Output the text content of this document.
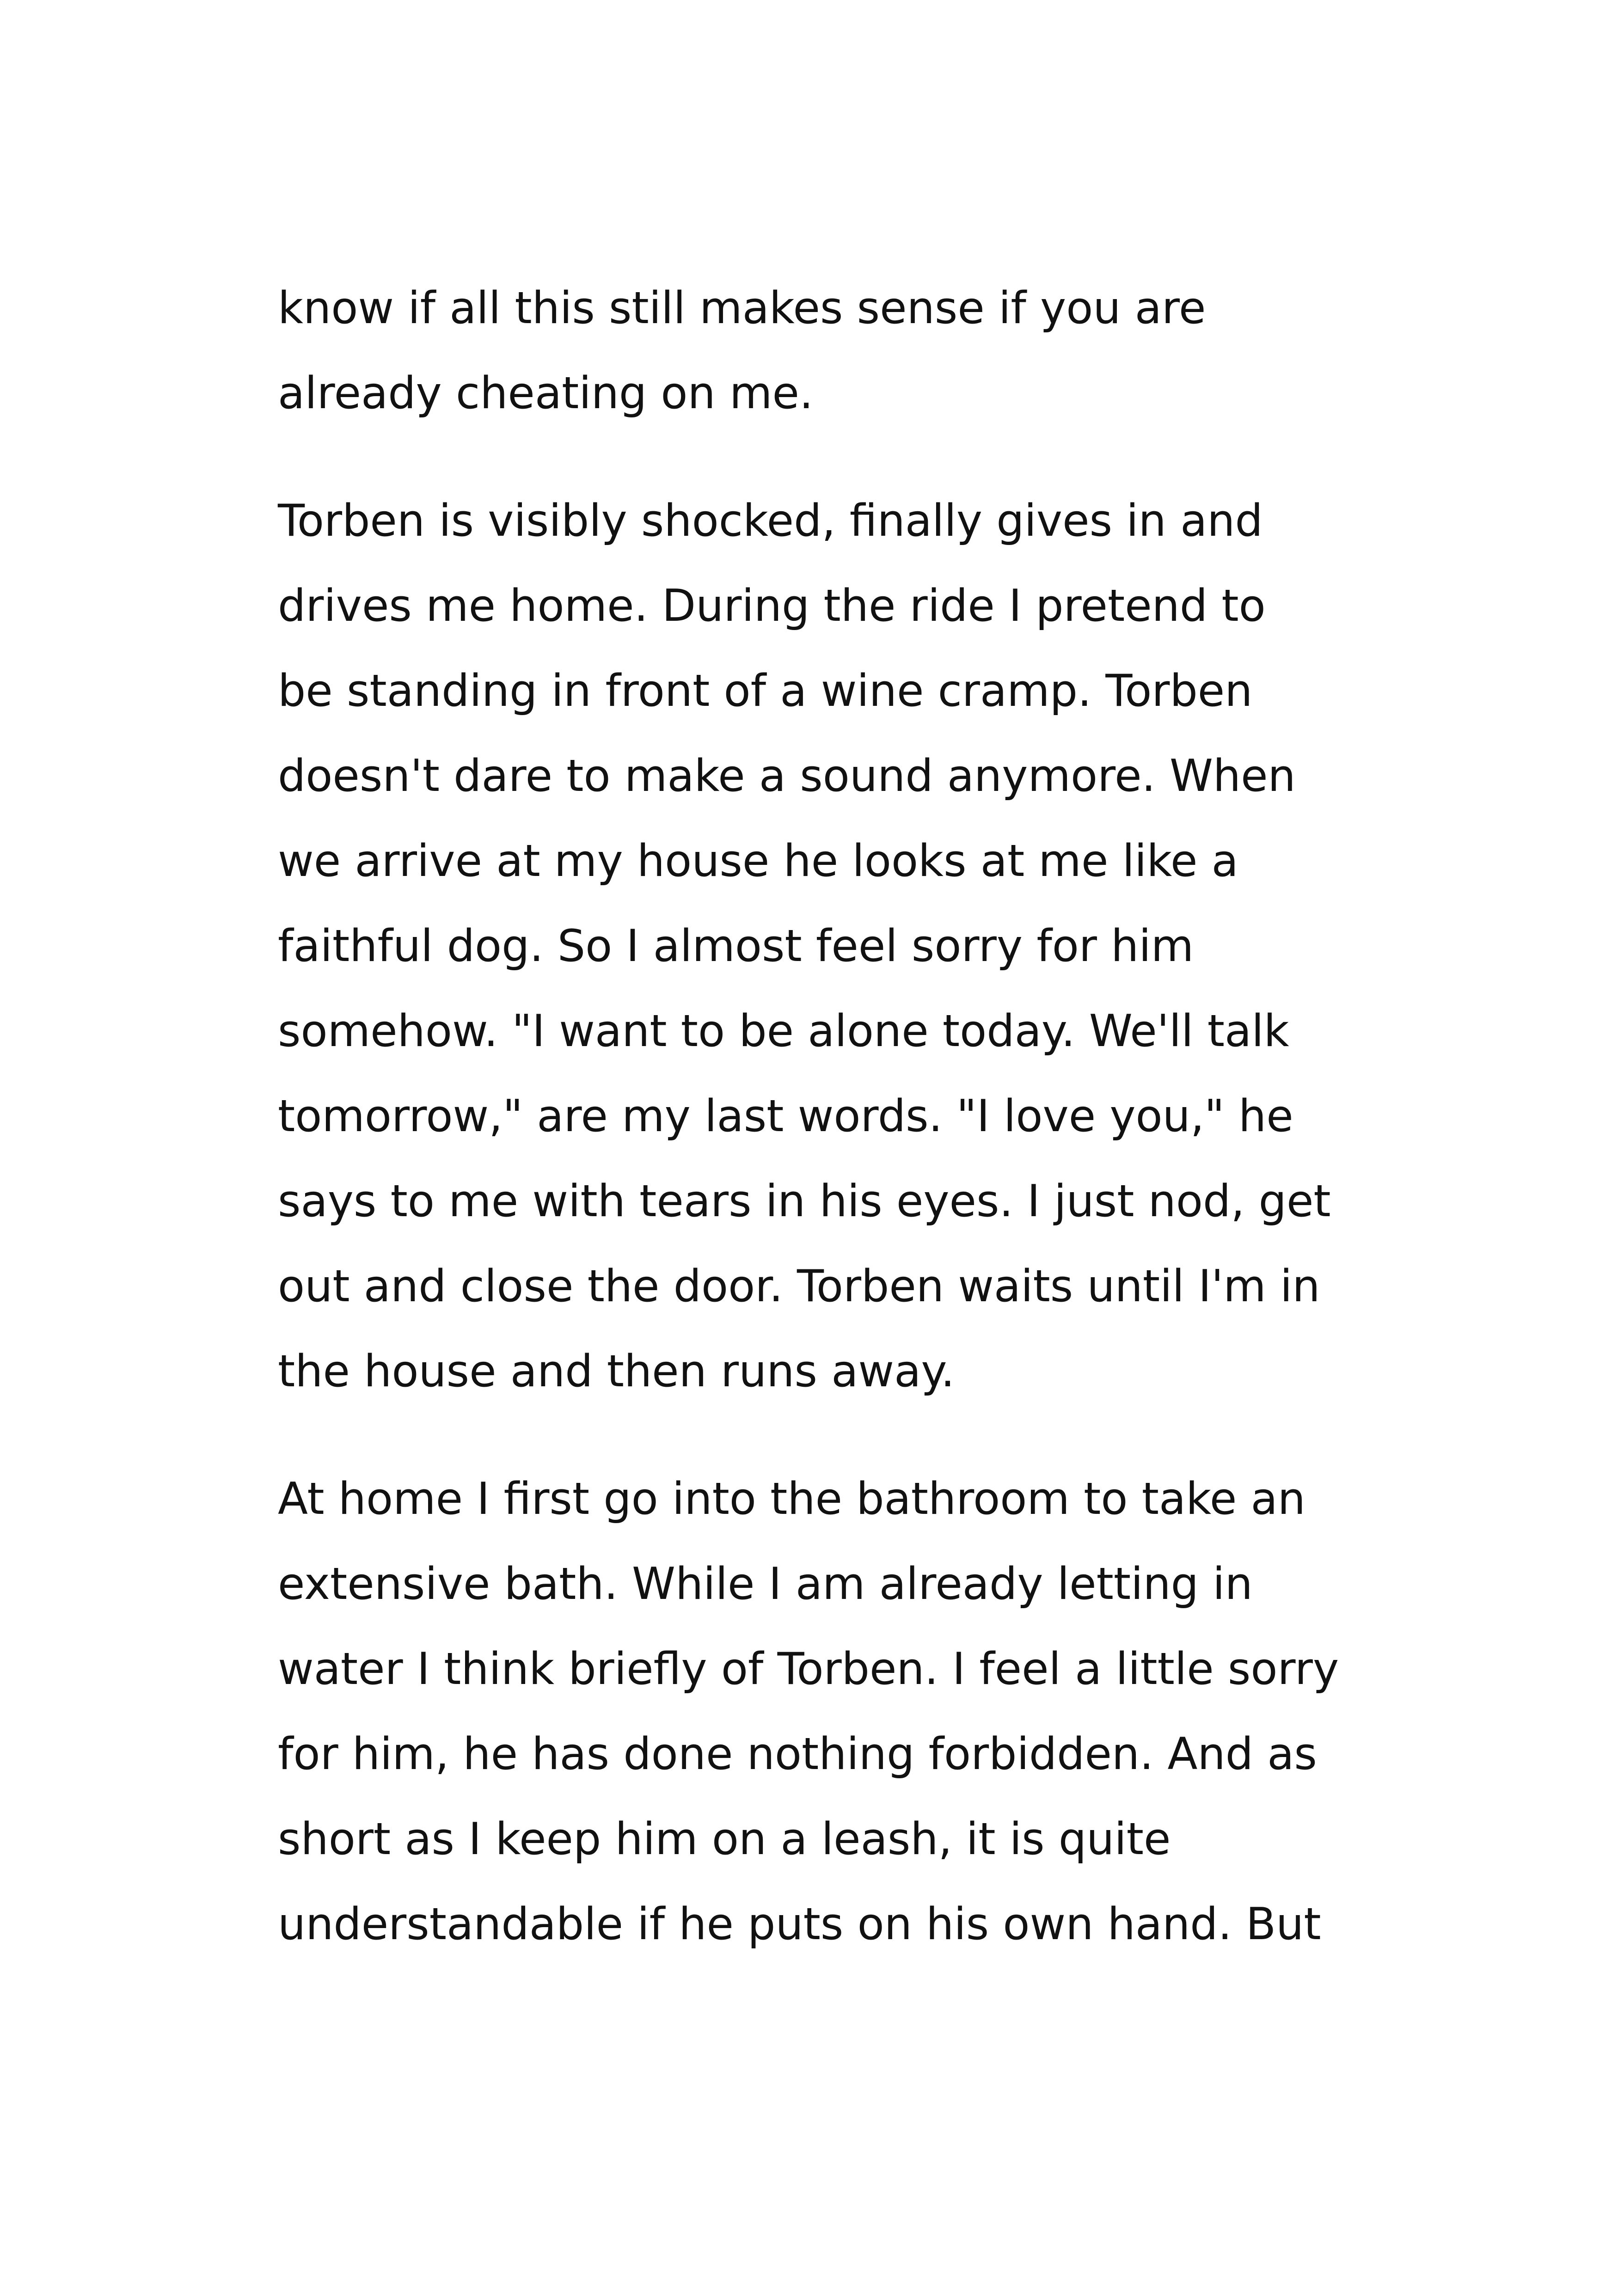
know if all this still makes sense if you are
already cheating on me.

Torben is visibly shocked, finally gives in and
drives me home. During the ride I pretend to
be standing in front of a wine cramp. Torben
doesn't dare to make a sound anymore. When
we arrive at my house he looks at me like a
faithful dog. So I almost feel sorry for him
somehow. "I want to be alone today. We'll talk
tomorrow," are my last words. "I love you," he
says to me with tears in his eyes. I just nod, get
out and close the door. Torben waits until I'm in
the house and then runs away.

At home I first go into the bathroom to take an
extensive bath. While I am already letting in
water I think briefly of Torben. I feel a little sorry
for him, he has done nothing forbidden. And as
short as I keep him on a leash, it is quite
understandable if he puts on his own hand. But
